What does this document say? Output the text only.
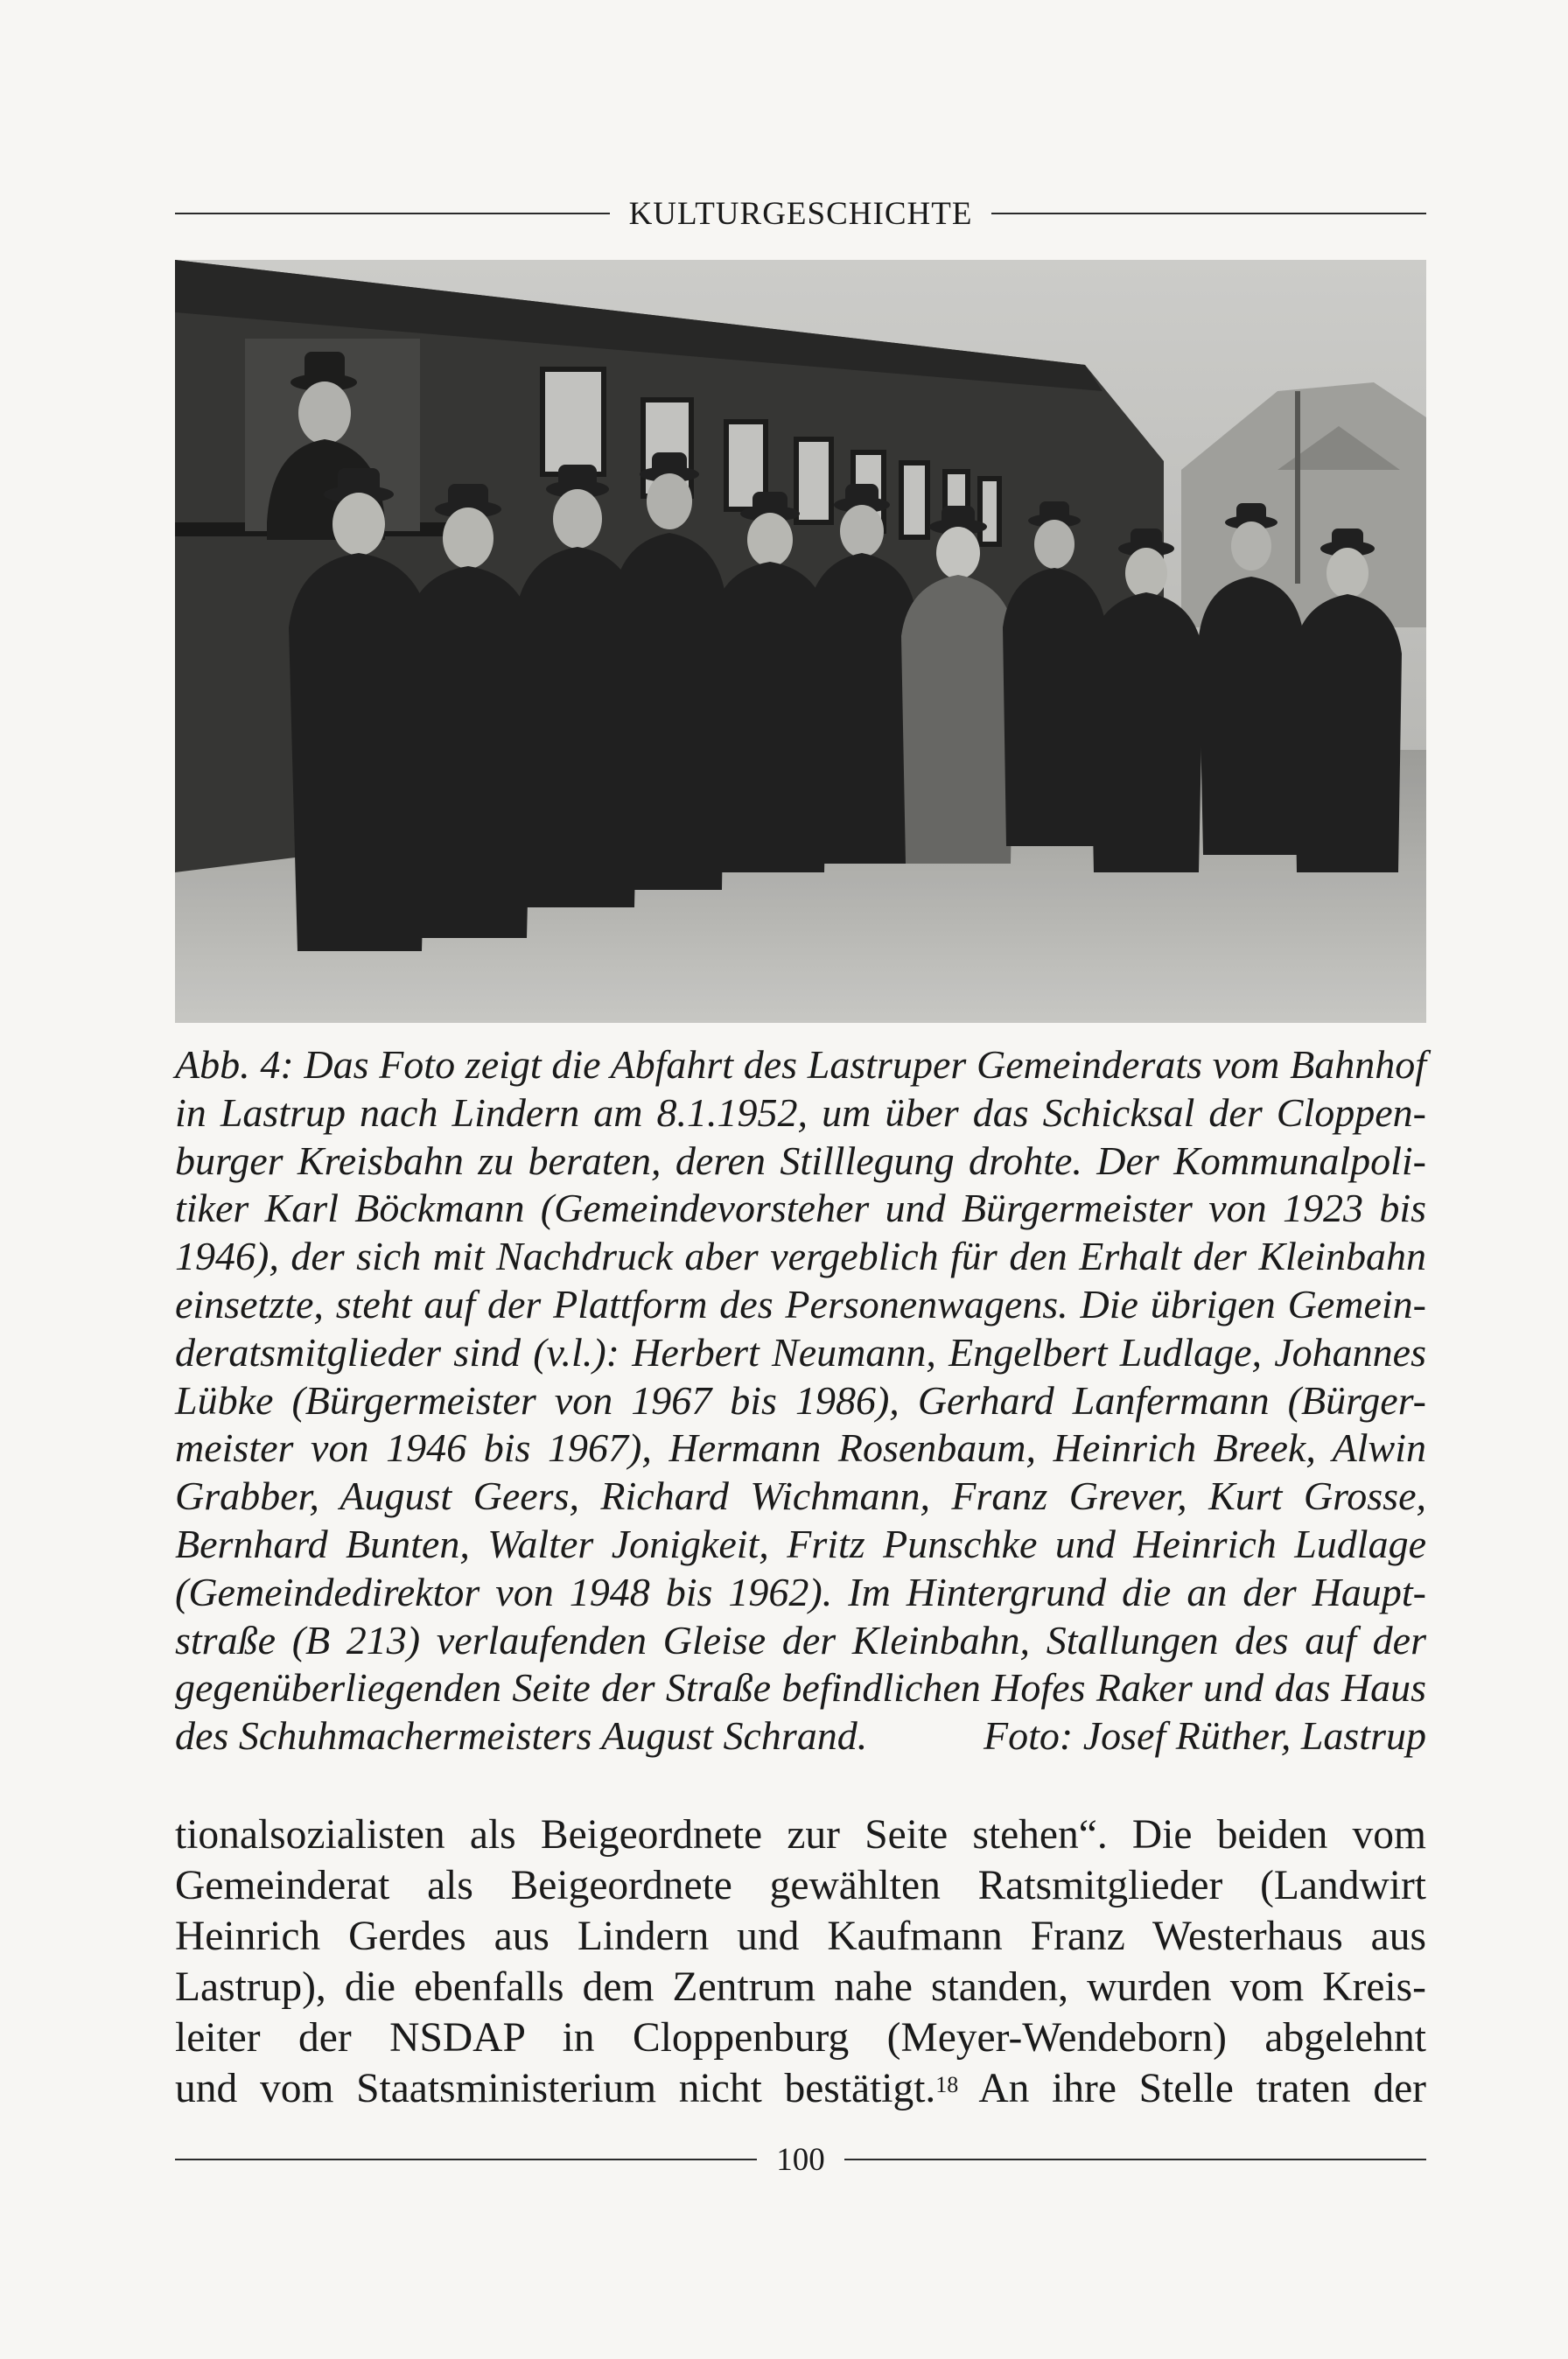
KULTURGESCHICHTE
Abb. 4: Das Foto zeigt die Abfahrt des Lastruper Gemeinderats vom Bahnhof
in Lastrup nach Lindern am 8.1.1952, um über das Schicksal der Cloppen-
burger Kreisbahn zu beraten, deren Stilllegung drohte. Der Kommunalpoli-
tiker Karl Böckmann (Gemeindevorsteher und Bürgermeister von 1923 bis
1946), der sich mit Nachdruck aber vergeblich für den Erhalt der Kleinbahn
einsetzte, steht auf der Plattform des Personenwagens. Die übrigen Gemein-
deratsmitglieder sind (v.l.): Herbert Neumann, Engelbert Ludlage, Johannes
Lübke (Bürgermeister von 1967 bis 1986), Gerhard Lanfermann (Bürger-
meister von 1946 bis 1967), Hermann Rosenbaum, Heinrich Breek, Alwin
Grabber, August Geers, Richard Wichmann, Franz Grever, Kurt Grosse,
Bernhard Bunten, Walter Jonigkeit, Fritz Punschke und Heinrich Ludlage
(Gemeindedirektor von 1948 bis 1962). Im Hintergrund die an der Haupt-
straße (B 213) verlaufenden Gleise der Kleinbahn, Stallungen des auf der
gegenüberliegenden Seite der Straße befindlichen Hofes Raker und das Haus
des Schuhmachermeisters August Schrand.	Foto: Josef Rüther, Lastrup
tionalsozialisten als Beigeordnete zur Seite stehen“. Die beiden vom
Gemeinderat als Beigeordnete gewählten Ratsmitglieder (Landwirt
Heinrich Gerdes aus Lindern und Kaufmann Franz Westerhaus aus
Lastrup), die ebenfalls dem Zentrum nahe standen, wurden vom Kreis-
leiter der NSDAP in Cloppenburg (Meyer-Wendeborn) abgelehnt
und vom Staatsministerium nicht bestätigt.$^{18}$ An ihre Stelle traten der
100
